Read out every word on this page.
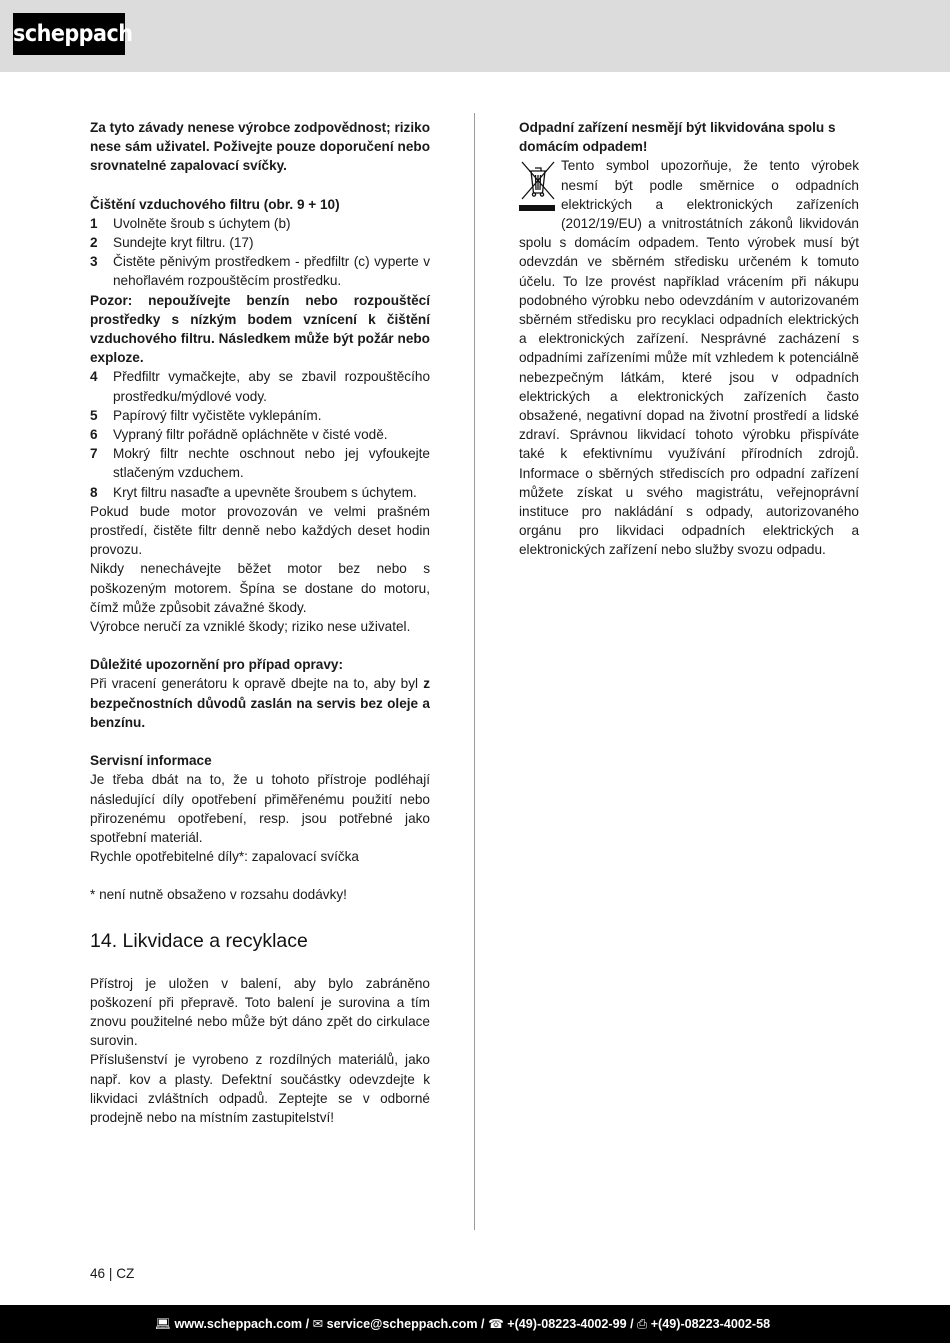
scheppach

Za tyto závady nenese výrobce zodpovědnost; riziko nese sám uživatel. Poživejte pouze doporučení nebo srovnatelné zapalovací svíčky.

Čištění vzduchového filtru (obr. 9 + 10)

1 Uvolněte šroub s úchytem (b)
2 Sundejte kryt filtru. (17)
3 Čistěte pěnivým prostředkem - předfiltr (c) vyperte v nehořlavém rozpouštěcím prostředku.

Pozor: nepoužívejte benzín nebo rozpouštěcí prostředky s nízkým bodem vznícení k čištění vzduchového filtru. Následkem může být požár nebo exploze.

4 Předfiltr vymačkejte, aby se zbavil rozpouštěcího prostředku/mýdlové vody.
5 Papírový filtr vyčistěte vyklepáním.
6 Vypraný filtr pořádně opláchněte v čisté vodě.
7 Mokrý filtr nechte oschnout nebo jej vyfoukejte stlačeným vzduchem.
8 Kryt filtru nasaďte a upevněte šroubem s úchytem.

Pokud bude motor provozován ve velmi prašném prostředí, čistěte filtr denně nebo každých deset hodin provozu.

Nikdy nenechávejte běžet motor bez nebo s poškozeným motorem. Špína se dostane do motoru, čímž může způsobit závažné škody.

Výrobce neručí za vzniklé škody; riziko nese uživatel.

Důležité upozornění pro případ opravy:

Při vracení generátoru k opravě dbejte na to, aby byl z bezpečnostních důvodů zaslán na servis bez oleje a benzínu.

Servisní informace

Je třeba dbát na to, že u tohoto přístroje podléhají následující díly opotřebení přiměřenému použití nebo přirozenému opotřebení, resp. jsou potřebné jako spotřební materiál.

Rychle opotřebitelné díly*: zapalovací svíčka

* není nutně obsaženo v rozsahu dodávky!

14. Likvidace a recyklace

Přístroj je uložen v balení, aby bylo zabráněno poškození při přepravě. Toto balení je surovina a tím znovu použitelné nebo může být dáno zpět do cirkulace surovin.

Příslušenství je vyrobeno z rozdílných materiálů, jako např. kov a plasty. Defektní součástky odevzdejte k likvidaci zvláštních odpadů. Zeptejte se v odborné prodejně nebo na místním zastupitelství!

Odpadní zařízení nesmějí být likvidována spolu s domácím odpadem!

Tento symbol upozorňuje, že tento výrobek nesmí být podle směrnice o odpadních elektrických a elektronických zařízeních (2012/19/EU) a vnitrostátních zákonů likvidován spolu s domácím odpadem. Tento výrobek musí být odevzdán ve sběrném středisku určeném k tomuto účelu. To lze provést například vrácením při nákupu podobného výrobku nebo odevzdáním v autorizovaném sběrném středisku pro recyklaci odpadních elektrických a elektronických zařízení. Nesprávné zacházení s odpadními zařízeními může mít vzhledem k potenciálně nebezpečným látkám, které jsou v odpadních elektrických a elektronických zařízeních často obsažené, negativní dopad na životní prostředí a lidské zdraví. Správnou likvidací tohoto výrobku přispíváte také k efektivnímu využívání přírodních zdrojů. Informace o sběrných střediscích pro odpadní zařízení můžete získat u svého magistrátu, veřejnoprávní instituce pro nakládání s odpady, autorizovaného orgánu pro likvidaci odpadních elektrických a elektronických zařízení nebo služby svozu odpadu.

46 | CZ
💻︎ www.scheppach.com / ✉︎ service@scheppach.com / ☎︎ +(49)-08223-4002-99 / ⎙ +(49)-08223-4002-58
